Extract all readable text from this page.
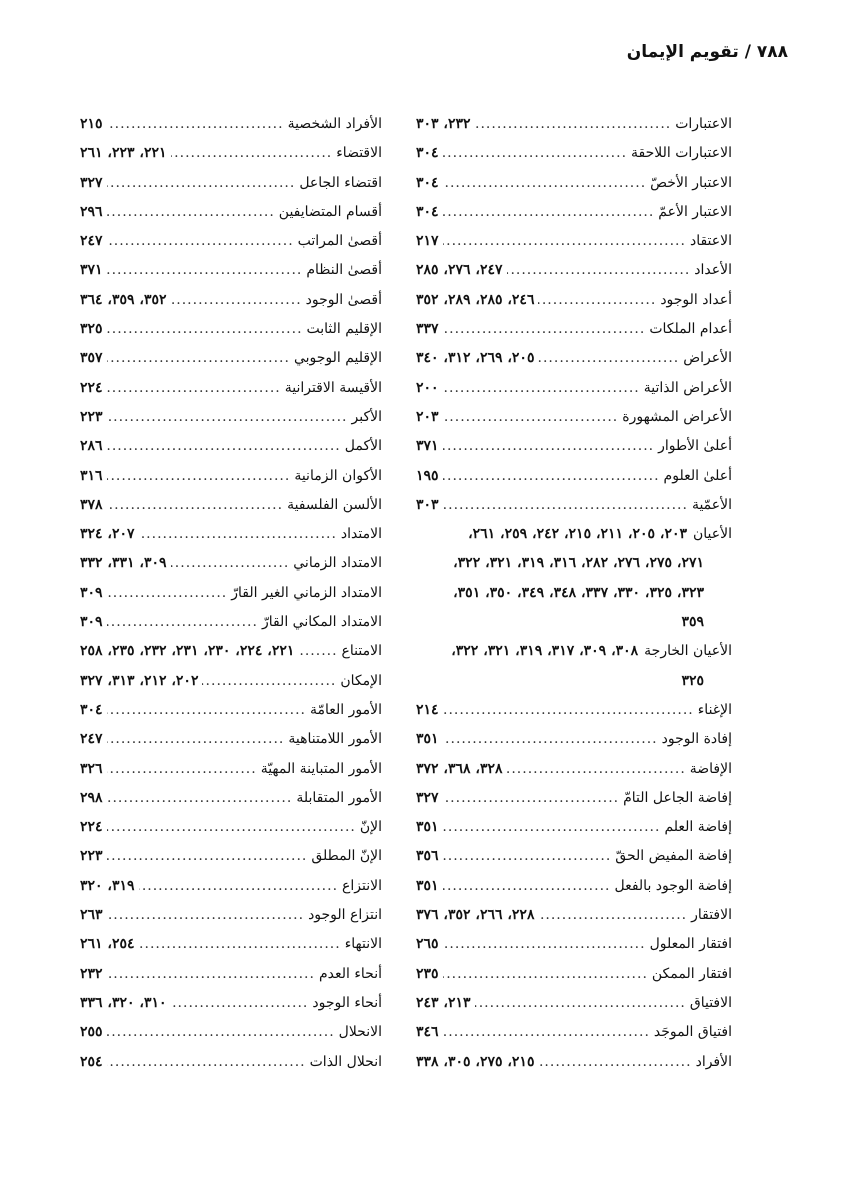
٧٨٨ / تقويم الإيمان
الاعتبارات
.....
٢٣٢، ٣٠٣
الاعتبارات اللاحقة
.....
٣٠٤
الاعتبار الأخصّ
.....
٣٠٤
الاعتبار الأعمّ
.....
٣٠٤
الاعتقاد
.....
٢١٧
الأعداد
.....
٢٤٧، ٢٧٦، ٢٨٥
أعداد الوجود
.....
٢٤٦، ٢٨٥، ٢٨٩، ٣٥٢
أعدام الملكات
.....
٣٣٧
الأعراض
.....
٢٠٥، ٢٦٩، ٣١٢، ٣٤٠
الأعراض الذاتية
.....
٢٠٠
الأعراض المشهورة
.....
٢٠٣
أعلىٰ الأطوار
.....
٣٧١
أعلىٰ العلوم
.....
١٩٥
الأعمّية
.....
٣٠٣
الأعيان٢٠٣، ٢٠٥، ٢١١، ٢١٥، ٢٤٢، ٢٥٩، ٢٦١،
٢٧١، ٢٧٥، ٢٧٦، ٢٨٢، ٣١٦، ٣١٩، ٣٢١، ٣٢٢،
٣٢٣، ٣٢٥، ٣٣٠، ٣٣٧، ٣٤٨، ٣٤٩، ٣٥٠، ٣٥١،
٣٥٩
الأعيان الخارجة٣٠٨، ٣٠٩، ٣١٧، ٣١٩، ٣٢١، ٣٢٢،
٣٢٥
الإغناء
.....
٢١٤
إفادة الوجود
.....
٣٥١
الإفاضة
.....
٣٢٨، ٣٦٨، ٣٧٢
إفاضة الجاعل التامّ
.....
٣٢٧
إفاضة العلم
.....
٣٥١
إفاضة المفيض الحقّ
.....
٣٥٦
إفاضة الوجود بالفعل
.....
٣٥١
الافتقار
.....
٢٢٨، ٢٦٦، ٣٥٢، ٣٧٦
افتقار المعلول
.....
٢٦٥
افتقار الممكن
.....
٢٣٥
الافتياق
.....
٢١٣، ٢٤٣
افتياق الموجَد
.....
٣٤٦
الأفراد
.....
٢١٥، ٢٧٥، ٣٠٥، ٣٣٨
الأفراد الشخصية
.....
٢١٥
الاقتضاء
.....
٢٢١، ٢٢٣، ٢٦١
اقتضاء الجاعل
.....
٣٢٧
أقسام المتضايفين
.....
٢٩٦
أقصىٰ المراتب
.....
٢٤٧
أقصىٰ النظام
.....
٣٧١
أقصىٰ الوجود
.....
٣٥٢، ٣٥٩، ٣٦٤
الإقليم الثابت
.....
٣٢٥
الإقليم الوجوبي
.....
٣٥٧
الأقيسة الاقترانية
.....
٢٢٤
الأكبر
.....
٢٢٣
الأكمل
.....
٢٨٦
الأكوان الزمانية
.....
٣١٦
الألسن الفلسفية
.....
٣٧٨
الامتداد
.....
٢٠٧، ٣٢٤
الامتداد الزماني
.....
٣٠٩، ٣٣١، ٣٣٢
الامتداد الزماني الغير القارّ
.....
٣٠٩
الامتداد المكاني القارّ
.....
٣٠٩
الامتناع
.....
٢٢١، ٢٢٤، ٢٣٠، ٢٣١، ٢٣٢، ٢٣٥، ٢٥٨
الإمكان
.....
٢٠٢، ٢١٢، ٣١٣، ٣٢٧
الأمور العامّة
.....
٣٠٤
الأمور اللامتناهية
.....
٢٤٧
الأمور المتباينة المهيّة
.....
٣٢٦
الأمور المتقابلة
.....
٢٩٨
الإنّ
.....
٢٢٤
الإنّ المطلق
.....
٢٢٣
الانتزاع
.....
٣١٩، ٣٢٠
انتزاع الوجود
.....
٢٦٣
الانتهاء
.....
٢٥٤، ٢٦١
أنحاء العدم
.....
٢٣٢
أنحاء الوجود
.....
٣١٠، ٣٢٠، ٣٣٦
الانحلال
.....
٢٥٥
انحلال الذات
.....
٢٥٤
